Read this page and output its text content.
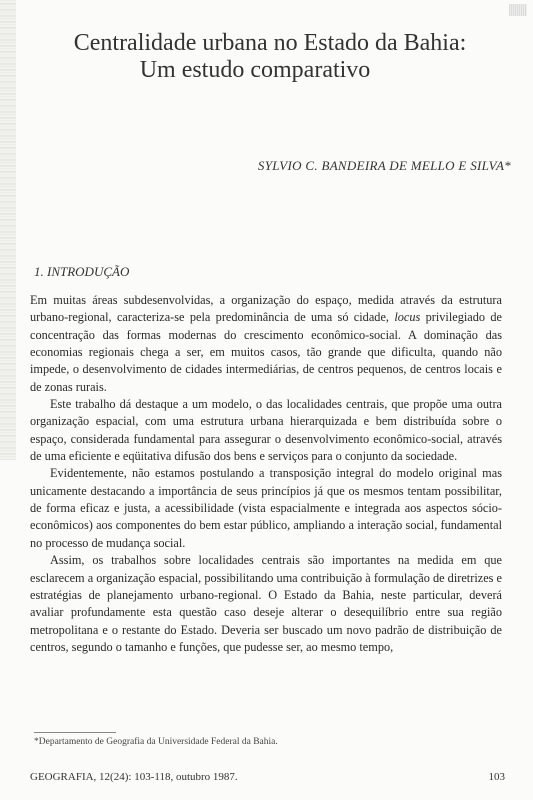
Centralidade urbana no Estado da Bahia:
Um estudo comparativo
SYLVIO C. BANDEIRA DE MELLO E SILVA*
1. INTRODUÇÃO

Em muitas áreas subdesenvolvidas, a organização do espaço, medida através da estrutura urbano-regional, caracteriza-se pela predominância de uma só cidade, locus privilegiado de concentração das formas modernas do crescimento econômico-social. A dominação das economias regionais chega a ser, em muitos casos, tão grande que dificulta, quando não impede, o desenvolvimento de cidades intermediárias, de centros pequenos, de centros locais e de zonas rurais.

Este trabalho dá destaque a um modelo, o das localidades centrais, que propõe uma outra organização espacial, com uma estrutura urbana hierarquizada e bem distribuída sobre o espaço, considerada fundamental para assegurar o desenvolvimento econômico-social, através de uma eficiente e eqüitativa difusão dos bens e serviços para o conjunto da sociedade.

Evidentemente, não estamos postulando a transposição integral do modelo original mas unicamente destacando a importância de seus princípios já que os mesmos tentam possibilitar, de forma eficaz e justa, a acessibilidade (vista espacialmente e integrada aos aspectos sócio-econômicos) aos componentes do bem estar público, ampliando a interação social, fundamental no processo de mudança social.

Assim, os trabalhos sobre localidades centrais são importantes na medida em que esclarecem a organização espacial, possibilitando uma contribuição à formulação de diretrizes e estratégias de planejamento urbano-regional. O Estado da Bahia, neste particular, deverá avaliar profundamente esta questão caso deseje alterar o desequilíbrio entre sua região metropolitana e o restante do Estado. Deveria ser buscado um novo padrão de distribuição de centros, segundo o tamanho e funções, que pudesse ser, ao mesmo tempo,

*Departamento de Geografia da Universidade Federal da Bahia.
GEOGRAFIA, 12(24): 103-118, outubro 1987.	103
